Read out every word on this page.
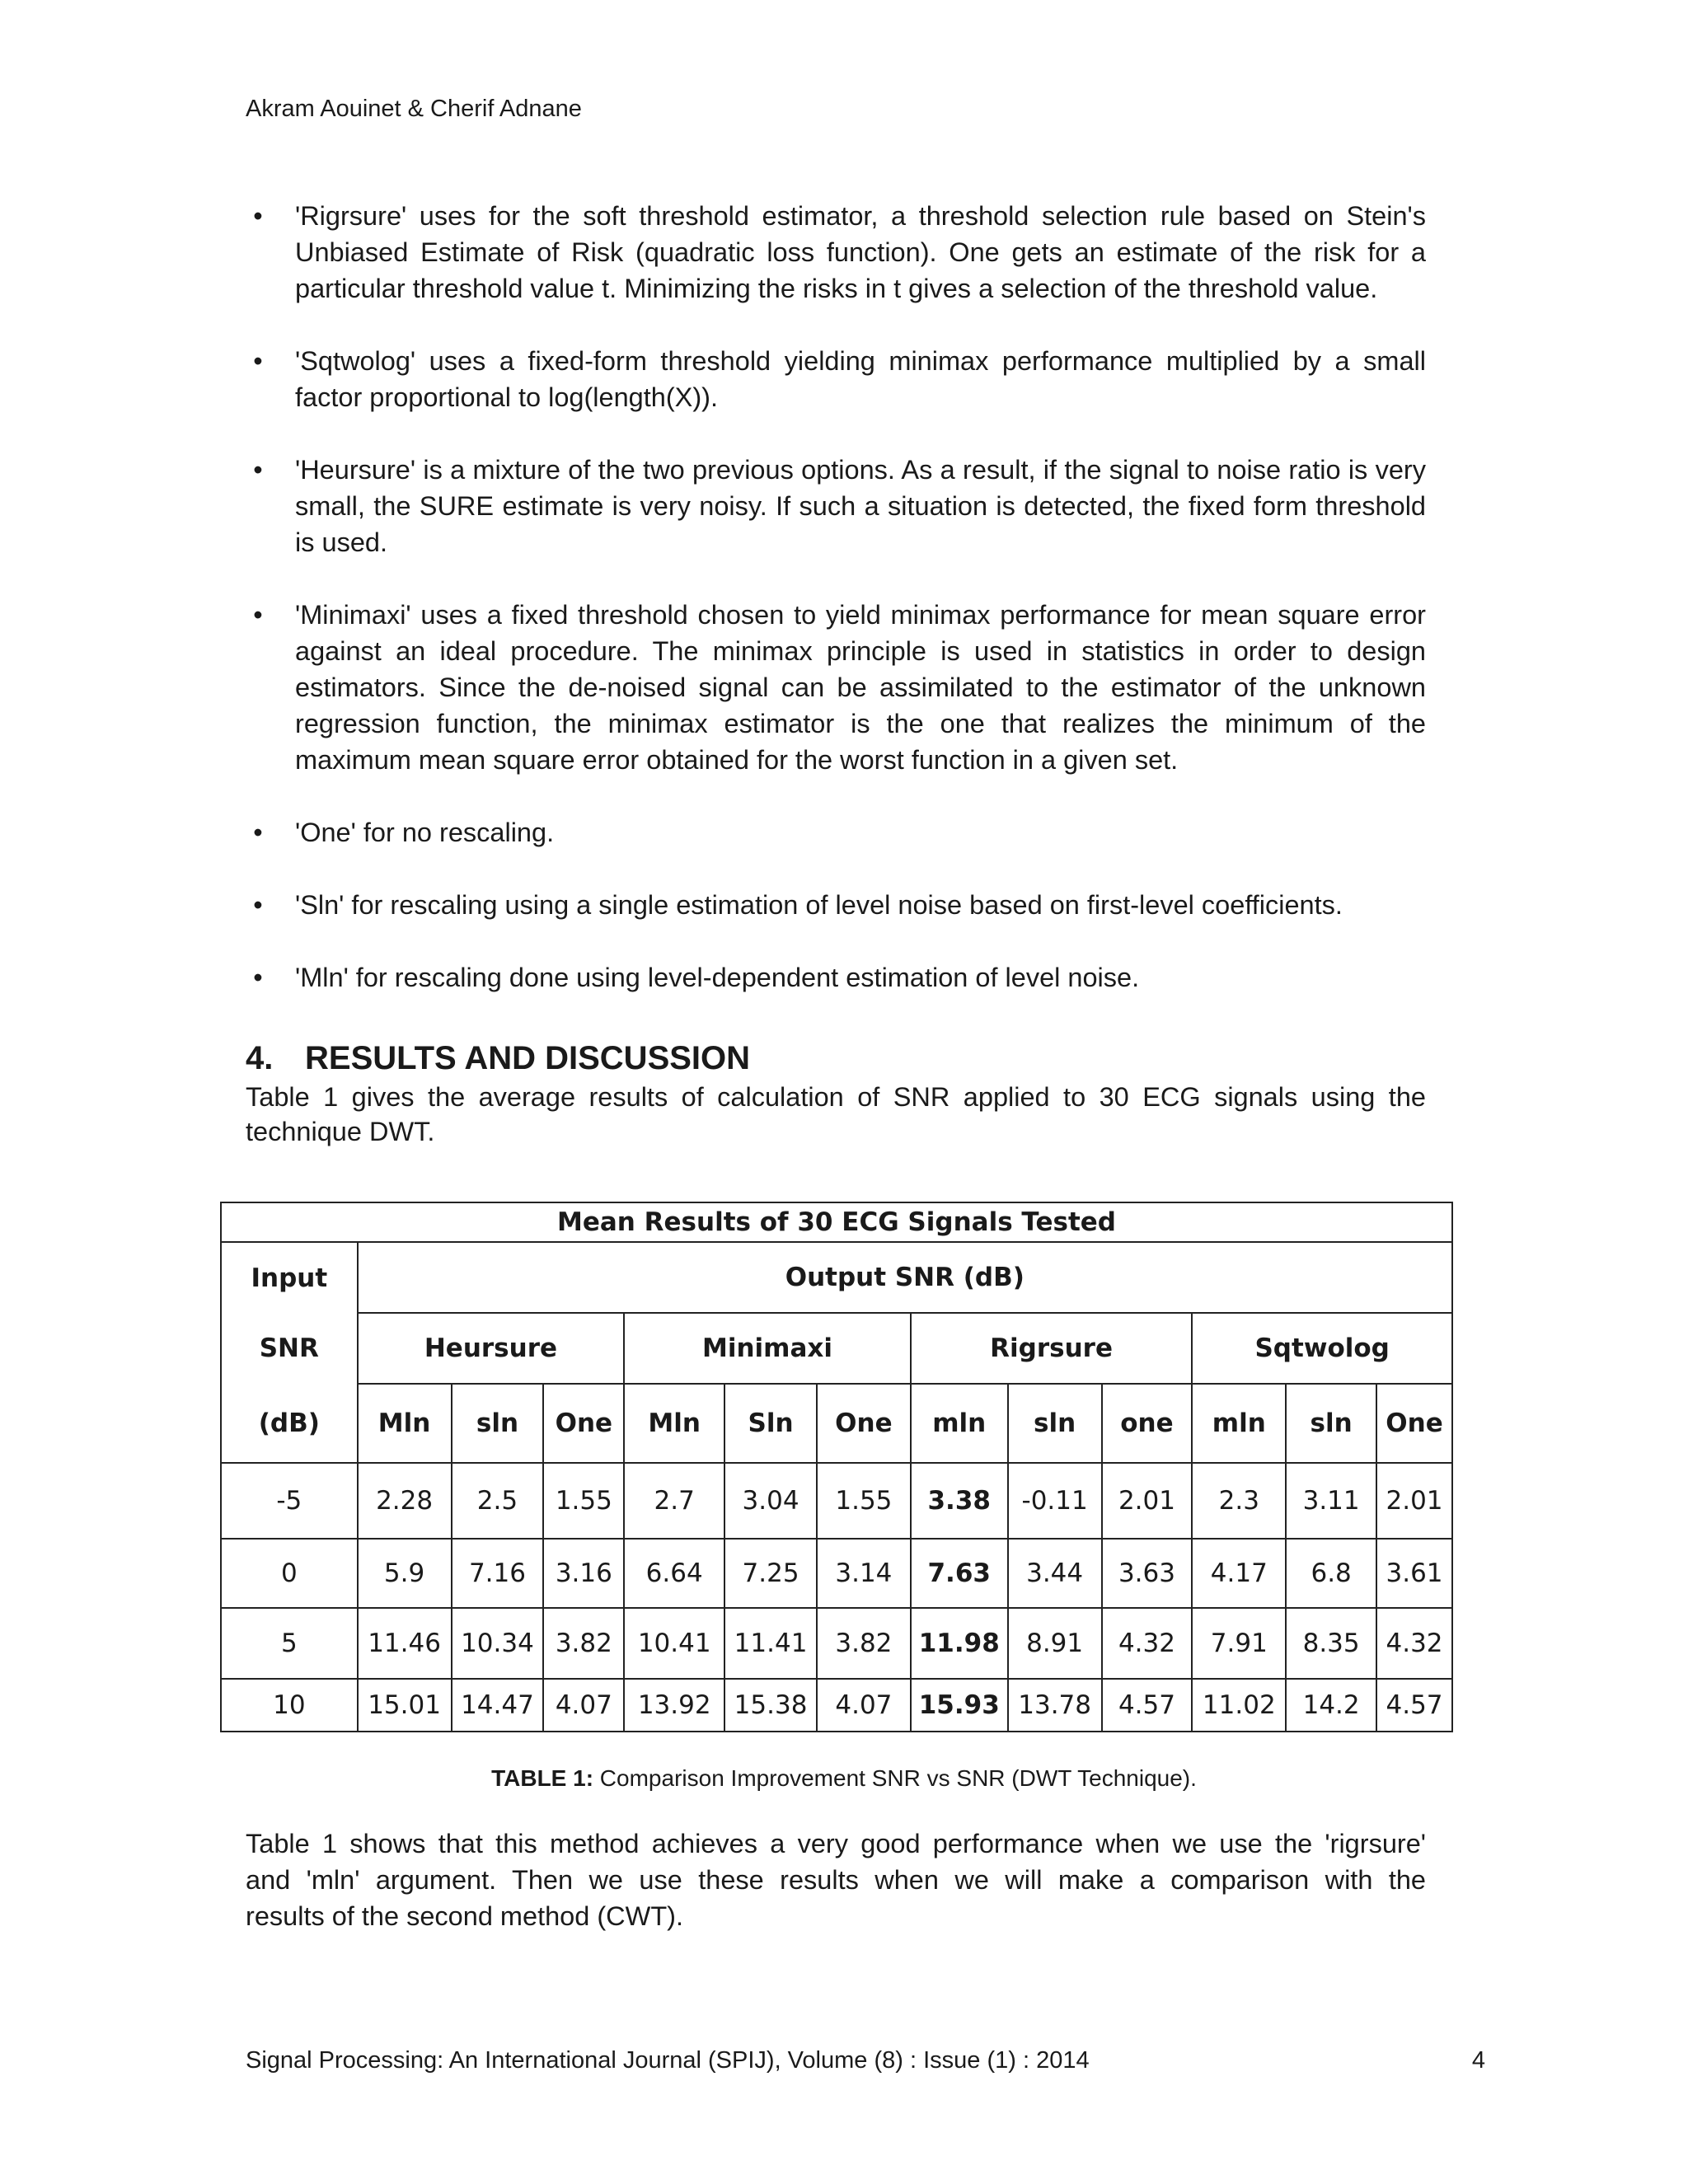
Akram Aouinet & Cherif Adnane
• 'Rigrsure' uses for the soft threshold estimator, a threshold selection rule based on Stein's Unbiased Estimate of Risk (quadratic loss function). One gets an estimate of the risk for a particular threshold value t. Minimizing the risks in t gives a selection of the threshold value.
• 'Sqtwolog' uses a fixed-form threshold yielding minimax performance multiplied by a small factor proportional to log(length(X)).
• 'Heursure' is a mixture of the two previous options. As a result, if the signal to noise ratio is very small, the SURE estimate is very noisy. If such a situation is detected, the fixed form threshold is used.
• 'Minimaxi' uses a fixed threshold chosen to yield minimax performance for mean square error against an ideal procedure. The minimax principle is used in statistics in order to design estimators. Since the de-noised signal can be assimilated to the estimator of the unknown regression function, the minimax estimator is the one that realizes the minimum of the maximum mean square error obtained for the worst function in a given set.
• 'One' for no rescaling.
• 'Sln' for rescaling using a single estimation of level noise based on first-level coefficients.
• 'Mln' for rescaling done using level-dependent estimation of level noise.
4. RESULTS AND DISCUSSION

Table 1 gives the average results of calculation of SNR applied to 30 ECG signals using the
technique DWT.

Mean Results of 30 ECG Signals Tested												
Input	Output SNR (dB)											
SNR	Heursure			Minimaxi			Rigrsure			Sqtwolog		
(dB)	Mln	sln	One	Mln	Sln	One	mln	sln	one	mln	sln	One
-5	2.28	2.5	1.55	2.7	3.04	1.55	3.38	-0.11	2.01	2.3	3.11	2.01
0	5.9	7.16	3.16	6.64	7.25	3.14	7.63	3.44	3.63	4.17	6.8	3.61
5	11.46	10.34	3.82	10.41	11.41	3.82	11.98	8.91	4.32	7.91	8.35	4.32
10	15.01	14.47	4.07	13.92	15.38	4.07	15.93	13.78	4.57	11.02	14.2	4.57
TABLE 1: Comparison Improvement SNR vs SNR (DWT Technique).

Table 1 shows that this method achieves a very good performance when we use the 'rigrsure'
and 'mln' argument. Then we use these results when we will make a comparison with the
results of the second method (CWT).

Signal Processing: An International Journal (SPIJ), Volume (8) : Issue (1) : 2014	4
